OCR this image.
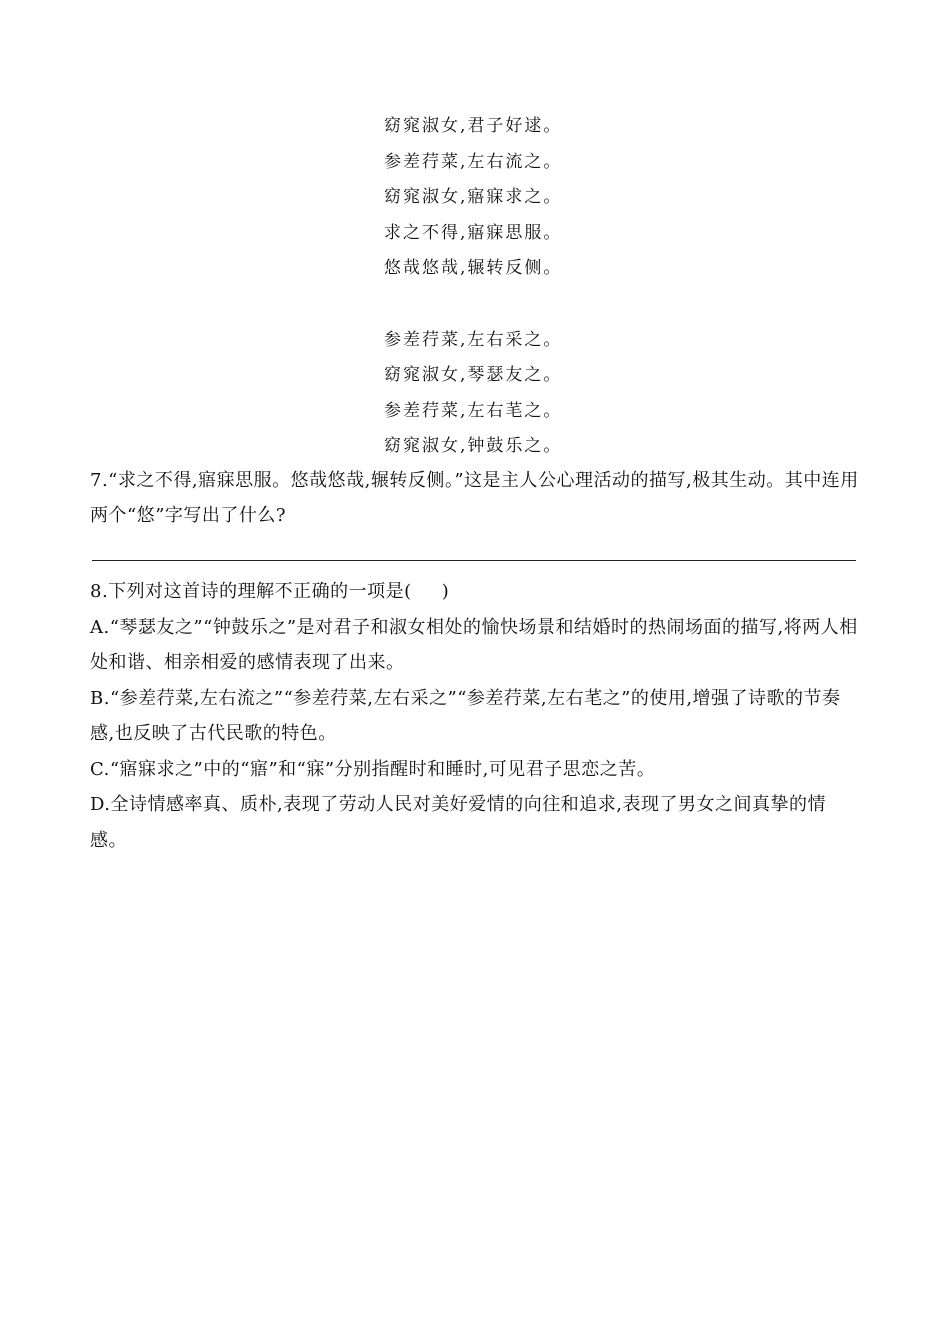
窈窕淑女,君子好逑。
参差荇菜,左右流之。
窈窕淑女,寤寐求之。
求之不得,寤寐思服。
悠哉悠哉,辗转反侧。
参差荇菜,左右采之。
窈窕淑女,琴瑟友之。
参差荇菜,左右芼之。
窈窕淑女,钟鼓乐之。

7.“求之不得,寤寐思服。悠哉悠哉,辗转反侧。”这是主人公心理活动的描写,极其生动。其中连用两个“悠”字写出了什么?

8.下列对这首诗的理解不正确的一项是( )

A.“琴瑟友之”“钟鼓乐之”是对君子和淑女相处的愉快场景和结婚时的热闹场面的描写,将两人相处和谐、相亲相爱的感情表现了出来。

B.“参差荇菜,左右流之”“参差荇菜,左右采之”“参差荇菜,左右芼之”的使用,增强了诗歌的节奏感,也反映了古代民歌的特色。

C.“寤寐求之”中的“寤”和“寐”分别指醒时和睡时,可见君子思恋之苦。

D.全诗情感率真、质朴,表现了劳动人民对美好爱情的向往和追求,表现了男女之间真挚的情感。
